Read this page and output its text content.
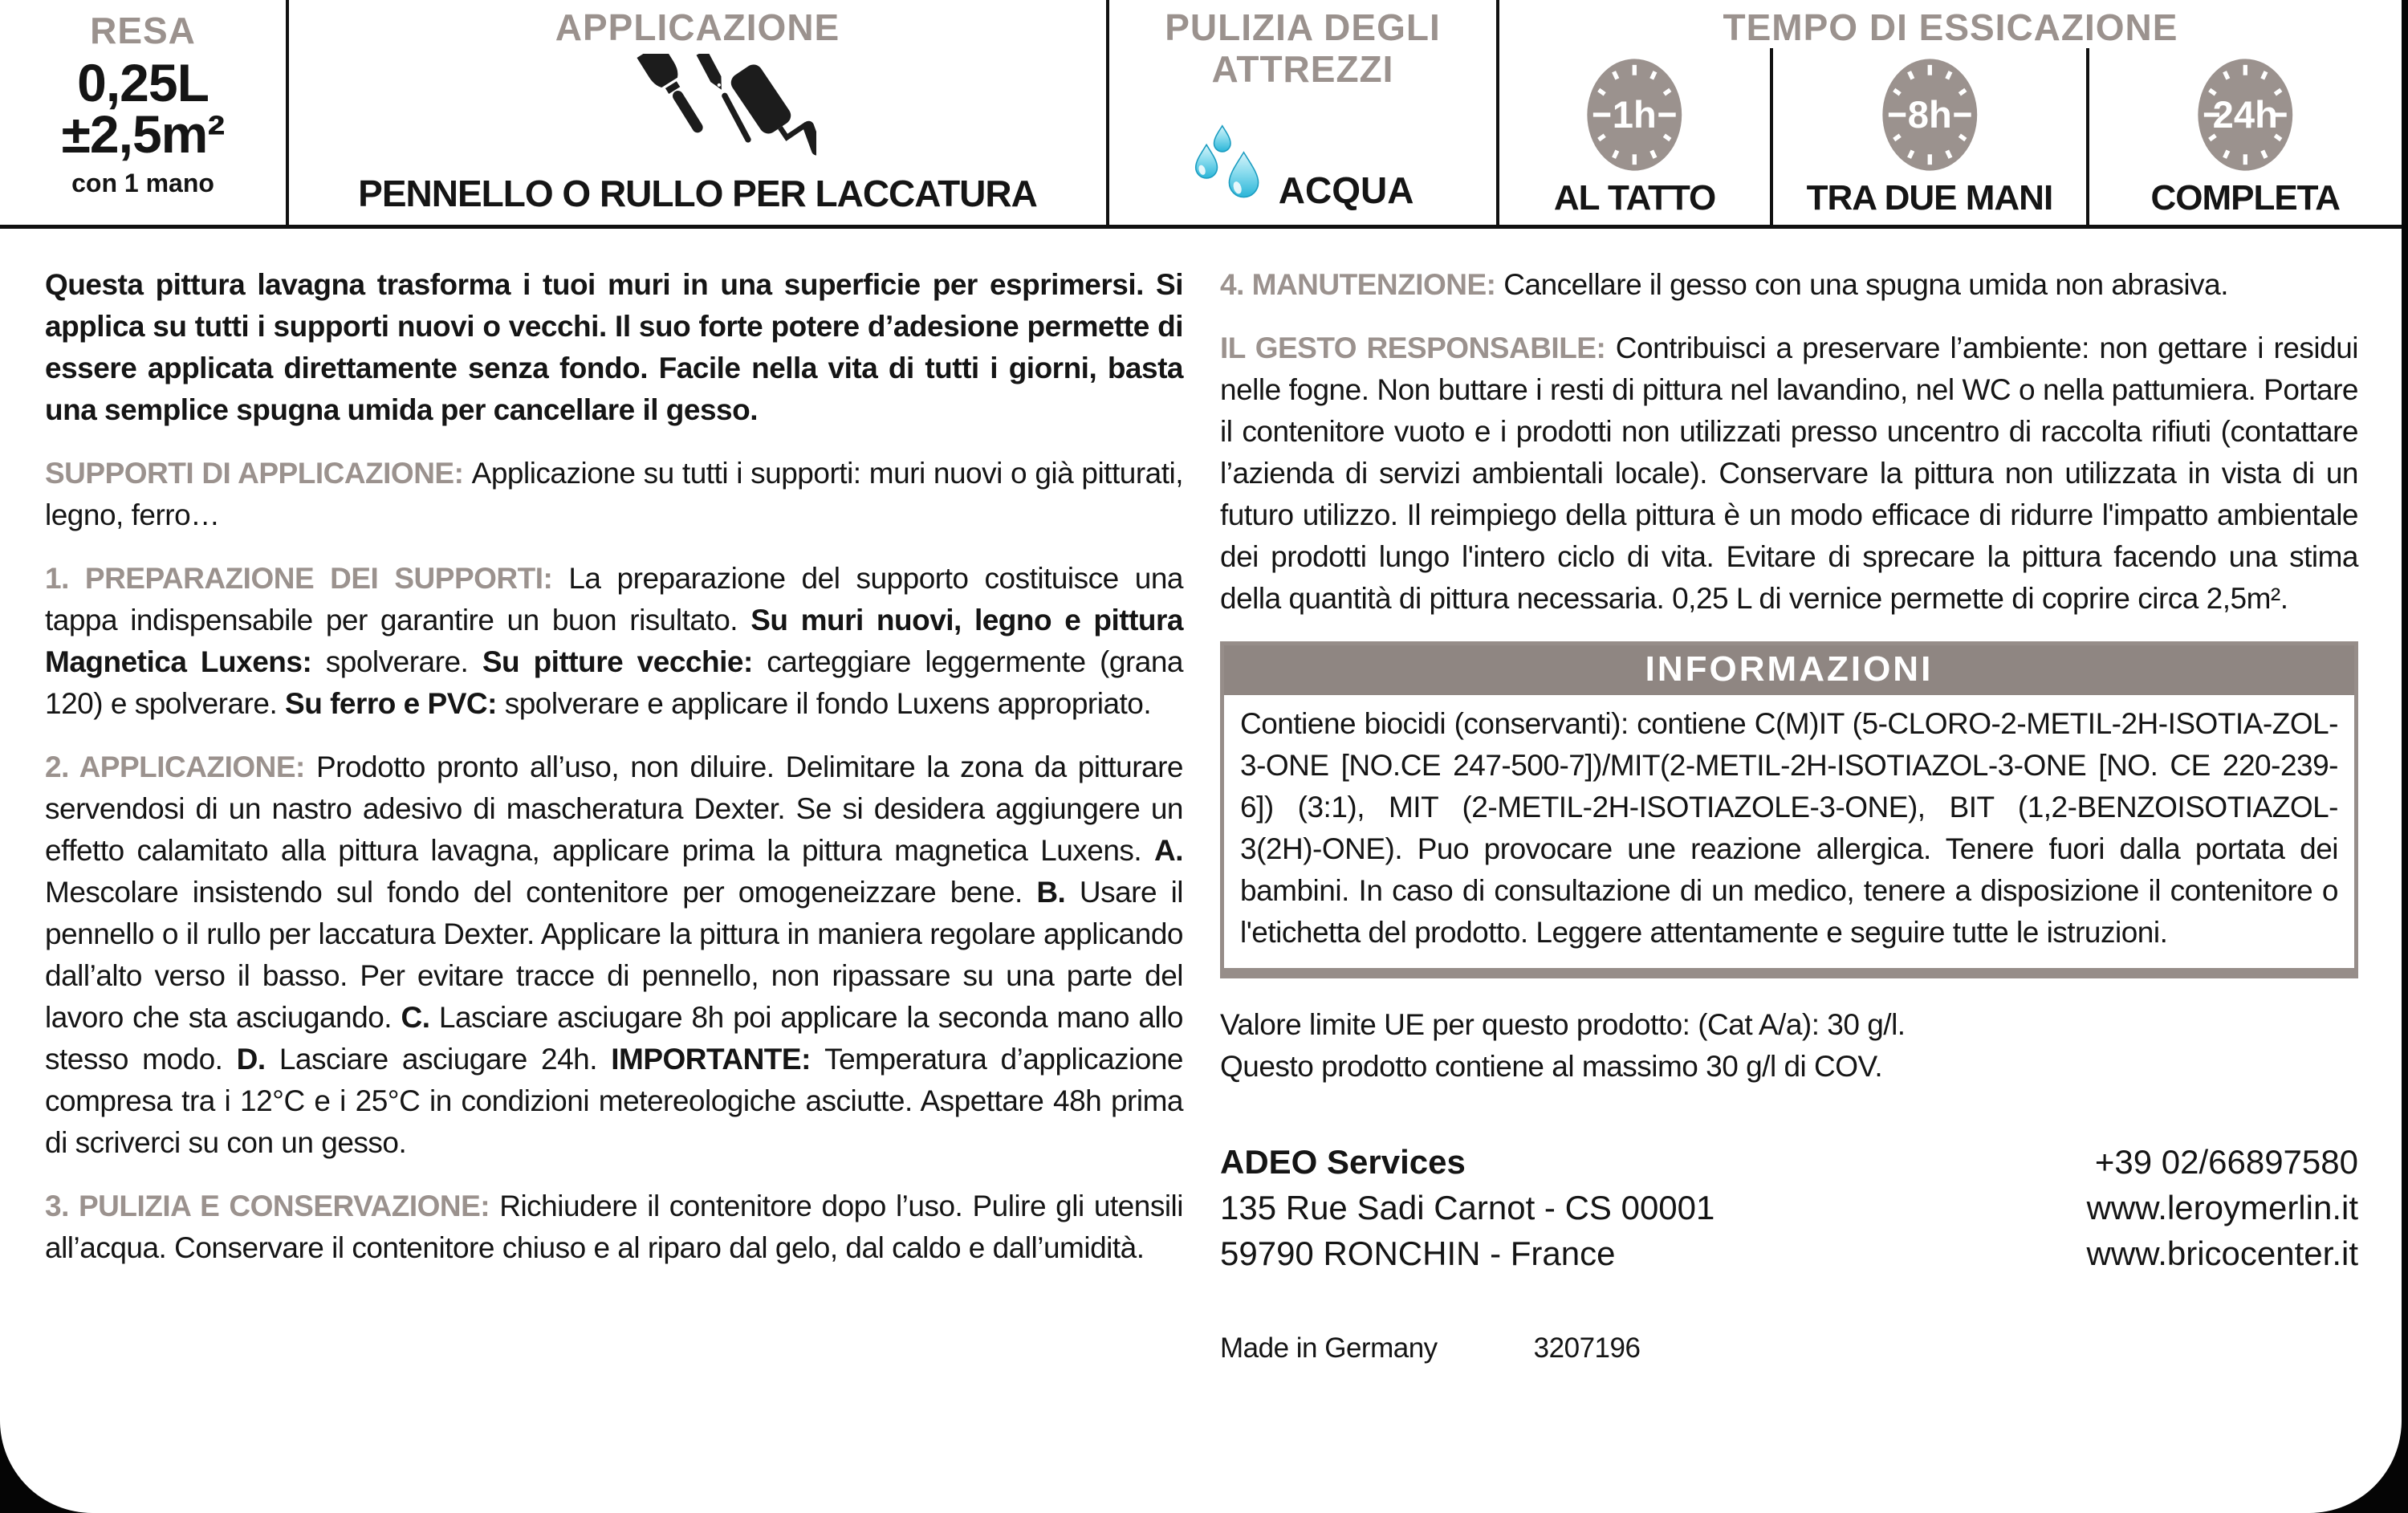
RESA
0,25L
±2,5m²
con 1 mano
APPLICAZIONE
PENNELLO O RULLO PER LACCATURA
PULIZIA DEGLI ATTREZZI
ACQUA
TEMPO DI ESSICAZIONE
1h
AL TATTO
8h
TRA DUE MANI
24h
COMPLETA

Questa pittura lavagna trasforma i tuoi muri in una superficie per esprimersi. Si applica su tutti i supporti nuovi o vecchi. Il suo forte potere d’adesione permette di essere applicata direttamente senza fondo. Facile nella vita di tutti i giorni, basta una semplice spugna umida per cancellare il gesso.

SUPPORTI DI APPLICAZIONE: Applicazione su tutti i supporti: muri nuovi o già pitturati, legno, ferro…

1. PREPARAZIONE DEI SUPPORTI: La preparazione del supporto costituisce una tappa indispensabile per garantire un buon risultato. Su muri nuovi, legno e pittura Magnetica Luxens: spolverare. Su pitture vecchie: carteggiare leggermente (grana 120) e spolverare. Su ferro e PVC: spolverare e applicare il fondo Luxens appropriato.

2. APPLICAZIONE: Prodotto pronto all’uso, non diluire. Delimitare la zona da pitturare servendosi di un nastro adesivo di mascheratura Dexter. Se si desidera aggiungere un effetto calamitato alla pittura lavagna, applicare prima la pittura magnetica Luxens. A. Mescolare insistendo sul fondo del contenitore per omogeneizzare bene. B. Usare il pennello o il rullo per laccatura Dexter. Applicare la pittura in maniera regolare applicando dall’alto verso il basso. Per evitare tracce di pennello, non ripassare su una parte del lavoro che sta asciugando. C. Lasciare asciugare 8h poi applicare la seconda mano allo stesso modo. D. Lasciare asciugare 24h. IMPORTANTE: Temperatura d’applicazione compresa tra i 12°C e i 25°C in condizioni metereologiche asciutte. Aspettare 48h prima di scriverci su con un gesso.

3. PULIZIA E CONSERVAZIONE: Richiudere il contenitore dopo l’uso. Pulire gli utensili all’acqua. Conservare il contenitore chiuso e al riparo dal gelo, dal caldo e dall’umidità.

4. MANUTENZIONE: Cancellare il gesso con una spugna umida non abrasiva.

IL GESTO RESPONSABILE: Contribuisci a preservare l’ambiente: non gettare i residui nelle fogne. Non buttare i resti di pittura nel lavandino, nel WC o nella pattumiera. Portare il contenitore vuoto e i prodotti non utilizzati presso uncentro di raccolta rifiuti (contattare l’azienda di servizi ambientali locale). Conservare la pittura non utilizzata in vista di un futuro utilizzo. Il reimpiego della pittura è un modo efficace di ridurre l'impatto ambientale dei prodotti lungo l'intero ciclo di vita. Evitare di sprecare la pittura facendo una stima della quantità di pittura necessaria. 0,25 L di vernice permette di coprire circa 2,5m².

INFORMAZIONI

Contiene biocidi (conservanti): contiene C(M)IT (5-CLORO-2-METIL-2H-ISOTIA-ZOL-3-ONE [NO.CE 247-500-7])/MIT(2-METIL-2H-ISOTIAZOL-3-ONE [NO. CE 220-239-6]) (3:1), MIT (2-METIL-2H-ISOTIAZOLE-3-ONE), BIT (1,2-BENZOISOTIAZOL-3(2H)-ONE). Puo provocare une reazione allergica. Tenere fuori dalla portata dei bambini. In caso di consultazione di un medico, tenere a disposizione il contenitore o l'etichetta del prodotto. Leggere attentamente e seguire tutte le istruzioni.

Valore limite UE per questo prodotto: (Cat A/a): 30 g/l.

Questo prodotto contiene al massimo 30 g/l di COV.

ADEO Services
135 Rue Sadi Carnot - CS 00001
59790 RONCHIN - France
+39 02/66897580
www.leroymerlin.it
www.bricocenter.it
Made in Germany	3207196
